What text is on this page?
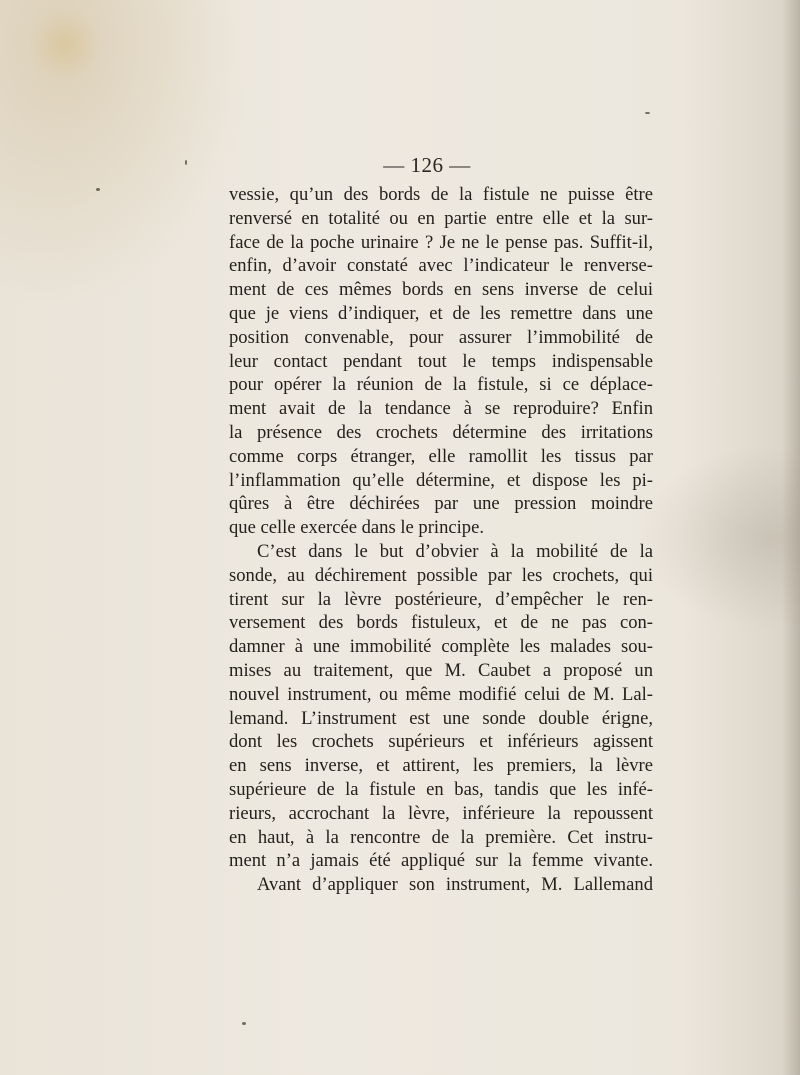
— 126 —
vessie, qu’un des bords de la fistule ne puisse être
renversé en totalité ou en partie entre elle et la sur-
face de la poche urinaire ? Je ne le pense pas. Suffit-il,
enfin, d’avoir constaté avec l’indicateur le renverse-
ment de ces mêmes bords en sens inverse de celui
que je viens d’indiquer, et de les remettre dans une
position convenable, pour assurer l’immobilité de
leur contact pendant tout le temps indispensable
pour opérer la réunion de la fistule, si ce déplace-
ment avait de la tendance à se reproduire? Enfin
la présence des crochets détermine des irritations
comme corps étranger, elle ramollit les tissus par
l’inflammation qu’elle détermine, et dispose les pi-
qûres à être déchirées par une pression moindre
que celle exercée dans le principe.
C’est dans le but d’obvier à la mobilité de la
sonde, au déchirement possible par les crochets, qui
tirent sur la lèvre postérieure, d’empêcher le ren-
versement des bords fistuleux, et de ne pas con-
damner à une immobilité complète les malades sou-
mises au traitement, que M. Caubet a proposé un
nouvel instrument, ou même modifié celui de M. Lal-
lemand. L’instrument est une sonde double érigne,
dont les crochets supérieurs et inférieurs agissent
en sens inverse, et attirent, les premiers, la lèvre
supérieure de la fistule en bas, tandis que les infé-
rieurs, accrochant la lèvre, inférieure la repoussent
en haut, à la rencontre de la première. Cet instru-
ment n’a jamais été appliqué sur la femme vivante.
Avant d’appliquer son instrument, M. Lallemand
